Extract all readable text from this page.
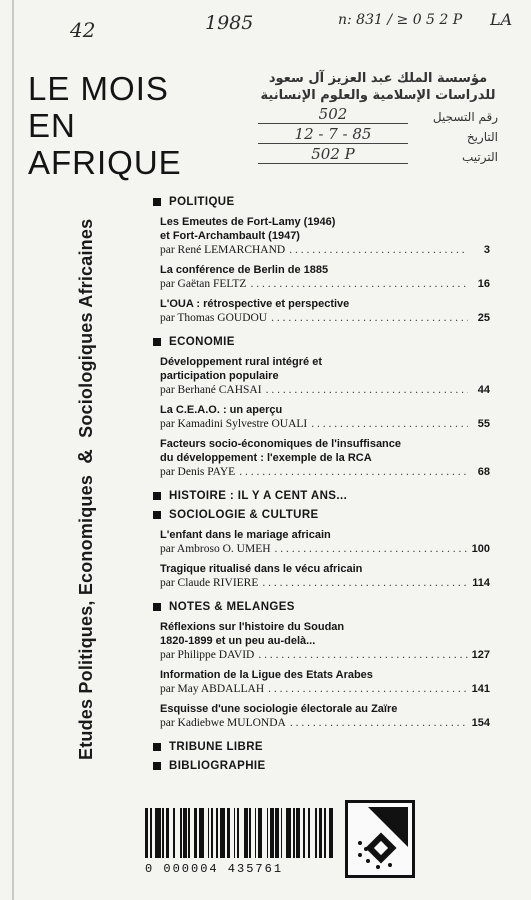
42	1985	n: 831 / ≥ 0 5 2 P LA
LE MOIS
EN
AFRIQUE
مؤسسة الملك عبد العزيز آل سعود
للدراسات الإسلامية والعلوم الإنسانية
رقم التسجيل
502
التاريخ
12 - 7 - 85
الترتيب
502 P
Etudes Politiques, Economiques & Sociologiques Africaines
POLITIQUE
Les Emeutes de Fort-Lamy (1946)
et Fort-Archambault (1947)
par René LEMARCHAND . . .	3
La conférence de Berlin de 1885
par Gaëtan FELTZ . . .	16
L'OUA : rétrospective et perspective
par Thomas GOUDOU . . .	25
ECONOMIE
Développement rural intégré et
participation populaire
par Berhané CAHSAI . . .	44
La C.E.A.O. : un aperçu
par Kamadini Sylvestre OUALI . . .	55
Facteurs socio-économiques de l'insuffisance
du développement : l'exemple de la RCA
par Denis PAYE . . .	68
HISTOIRE : IL Y A CENT ANS...
SOCIOLOGIE & CULTURE
L'enfant dans le mariage africain
par Ambroso O. UMEH . . .	100
Tragique ritualisé dans le vécu africain
par Claude RIVIERE . . .	114
NOTES & MELANGES
Réflexions sur l'histoire du Soudan
1820-1899 et un peu au-delà...
par Philippe DAVID . . .	127
Information de la Ligue des Etats Arabes
par May ABDALLAH . . .	141
Esquisse d'une sociologie électorale au Zaïre
par Kadiebwe MULONDA . . .	154
TRIBUNE LIBRE
BIBLIOGRAPHIE
0 000004 435761
